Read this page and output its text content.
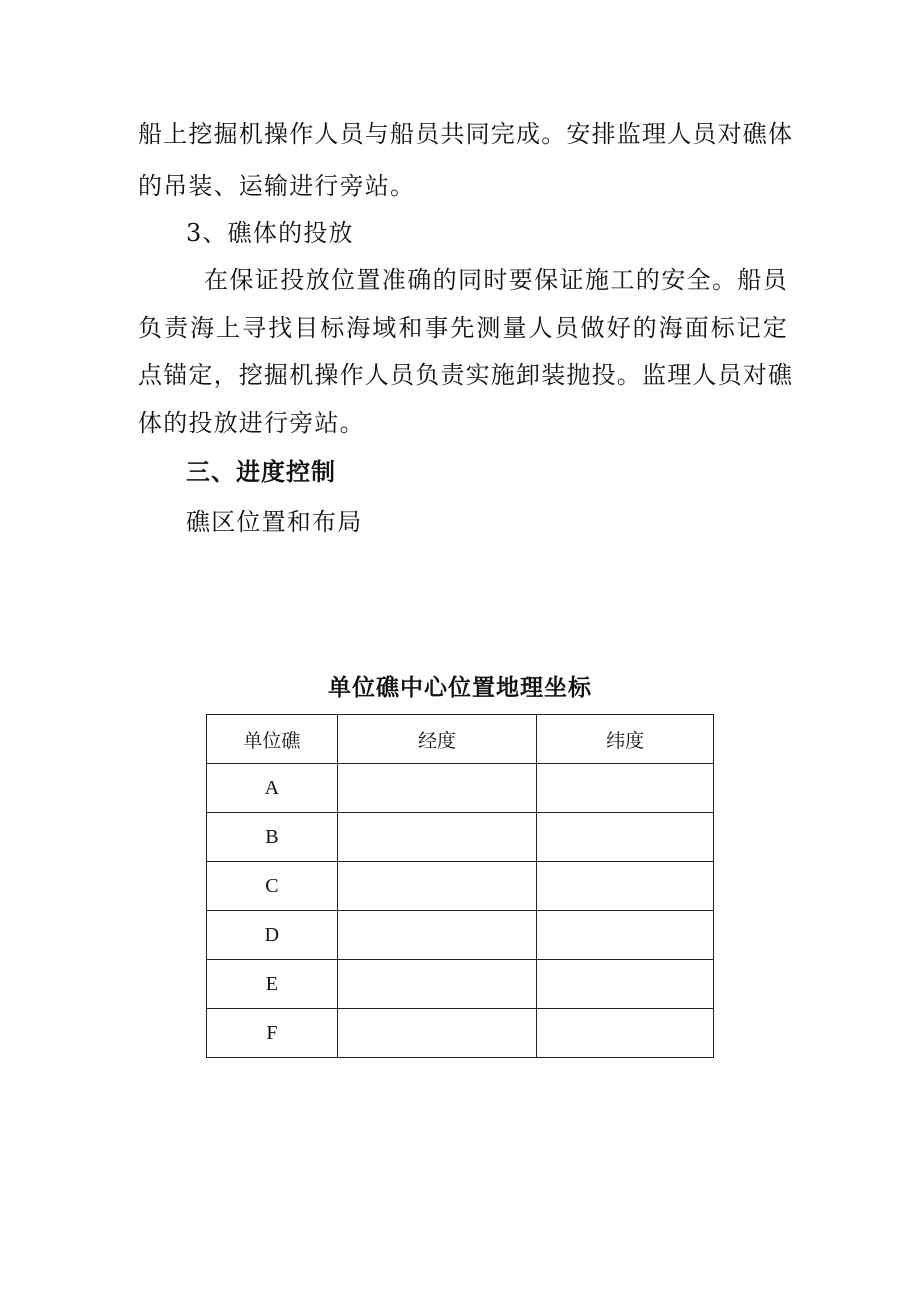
船上挖掘机操作人员与船员共同完成。安排监理人员对礁体
的吊装、运输进行旁站。
3、礁体的投放
在保证投放位置准确的同时要保证施工的安全。船员
负责海上寻找目标海域和事先测量人员做好的海面标记定
点锚定，挖掘机操作人员负责实施卸装抛投。监理人员对礁
体的投放进行旁站。
三、进度控制
礁区位置和布局
单位礁中心位置地理坐标
单位礁	经度	纬度
A		
B		
C		
D		
E		
F		
